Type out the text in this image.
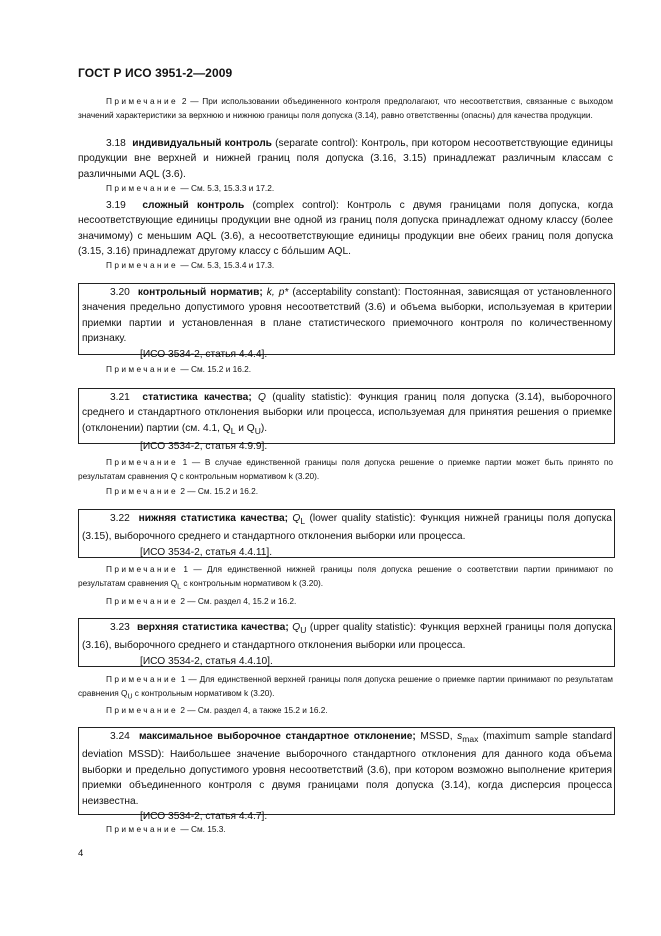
ГОСТ Р ИСО 3951-2—2009
Примечание 2 — При использовании объединенного контроля предполагают, что несоответствия, связанные с выходом значений характеристики за верхнюю и нижнюю границы поля допуска (3.14), равно ответственны (опасны) для качества продукции.
3.18 индивидуальный контроль (separate control): Контроль, при котором несоответствующие единицы продукции вне верхней и нижней границ поля допуска (3.16, 3.15) принадлежат различным классам с различными AQL (3.6).
Примечание — См. 5.3, 15.3.3 и 17.2.
3.19 сложный контроль (complex control): Контроль с двумя границами поля допуска, когда несоответствующие единицы продукции вне одной из границ поля допуска принадлежат одному классу (более значимому) с меньшим AQL (3.6), а несоответствующие единицы продукции вне обеих границ поля допуска (3.15, 3.16) принадлежат другому классу с бо́льшим AQL.
Примечание — См. 5.3, 15.3.4 и 17.3.
3.20 контрольный норматив; k, p* (acceptability constant): Постоянная, зависящая от установленного значения предельно допустимого уровня несоответствий (3.6) и объема выборки, используемая в критерии приемки партии и установленная в плане статистического приемочного контроля по количественному признаку.
[ИСО 3534-2, статья 4.4.4].
Примечание — См. 15.2 и 16.2.
3.21 статистика качества; Q (quality statistic): Функция границ поля допуска (3.14), выборочного среднего и стандартного отклонения выборки или процесса, используемая для принятия решения о приемке (отклонении) партии (см. 4.1, $Q_L$ и $Q_U$).
[ИСО 3534-2, статья 4.9.9].
Примечание 1 — В случае единственной границы поля допуска решение о приемке партии может быть принято по результатам сравнения Q с контрольным нормативом k (3.20).
Примечание 2 — См. 15.2 и 16.2.
3.22 нижняя статистика качества; $Q_L$ (lower quality statistic): Функция нижней границы поля допуска (3.15), выборочного среднего и стандартного отклонения выборки или процесса.
[ИСО 3534-2, статья 4.4.11].
Примечание 1 — Для единственной нижней границы поля допуска решение о соответствии партии принимают по результатам сравнения $Q_L$ с контрольным нормативом k (3.20).
Примечание 2 — См. раздел 4, 15.2 и 16.2.
3.23 верхняя статистика качества; $Q_U$ (upper quality statistic): Функция верхней границы поля допуска (3.16), выборочного среднего и стандартного отклонения выборки или процесса.
[ИСО 3534-2, статья 4.4.10].
Примечание 1 — Для единственной верхней границы поля допуска решение о приемке партии принимают по результатам сравнения $Q_U$ с контрольным нормативом k (3.20).
Примечание 2 — См. раздел 4, а также 15.2 и 16.2.
3.24 максимальное выборочное стандартное отклонение; MSSD, $s_{max}$ (maximum sample standard deviation MSSD): Наибольшее значение выборочного стандартного отклонения для данного кода объема выборки и предельно допустимого уровня несоответствий (3.6), при котором возможно выполнение критерия приемки объединенного контроля с двумя границами поля допуска (3.14), когда дисперсия процесса неизвестна.
[ИСО 3534-2, статья 4.4.7].
Примечание — См. 15.3.
4
